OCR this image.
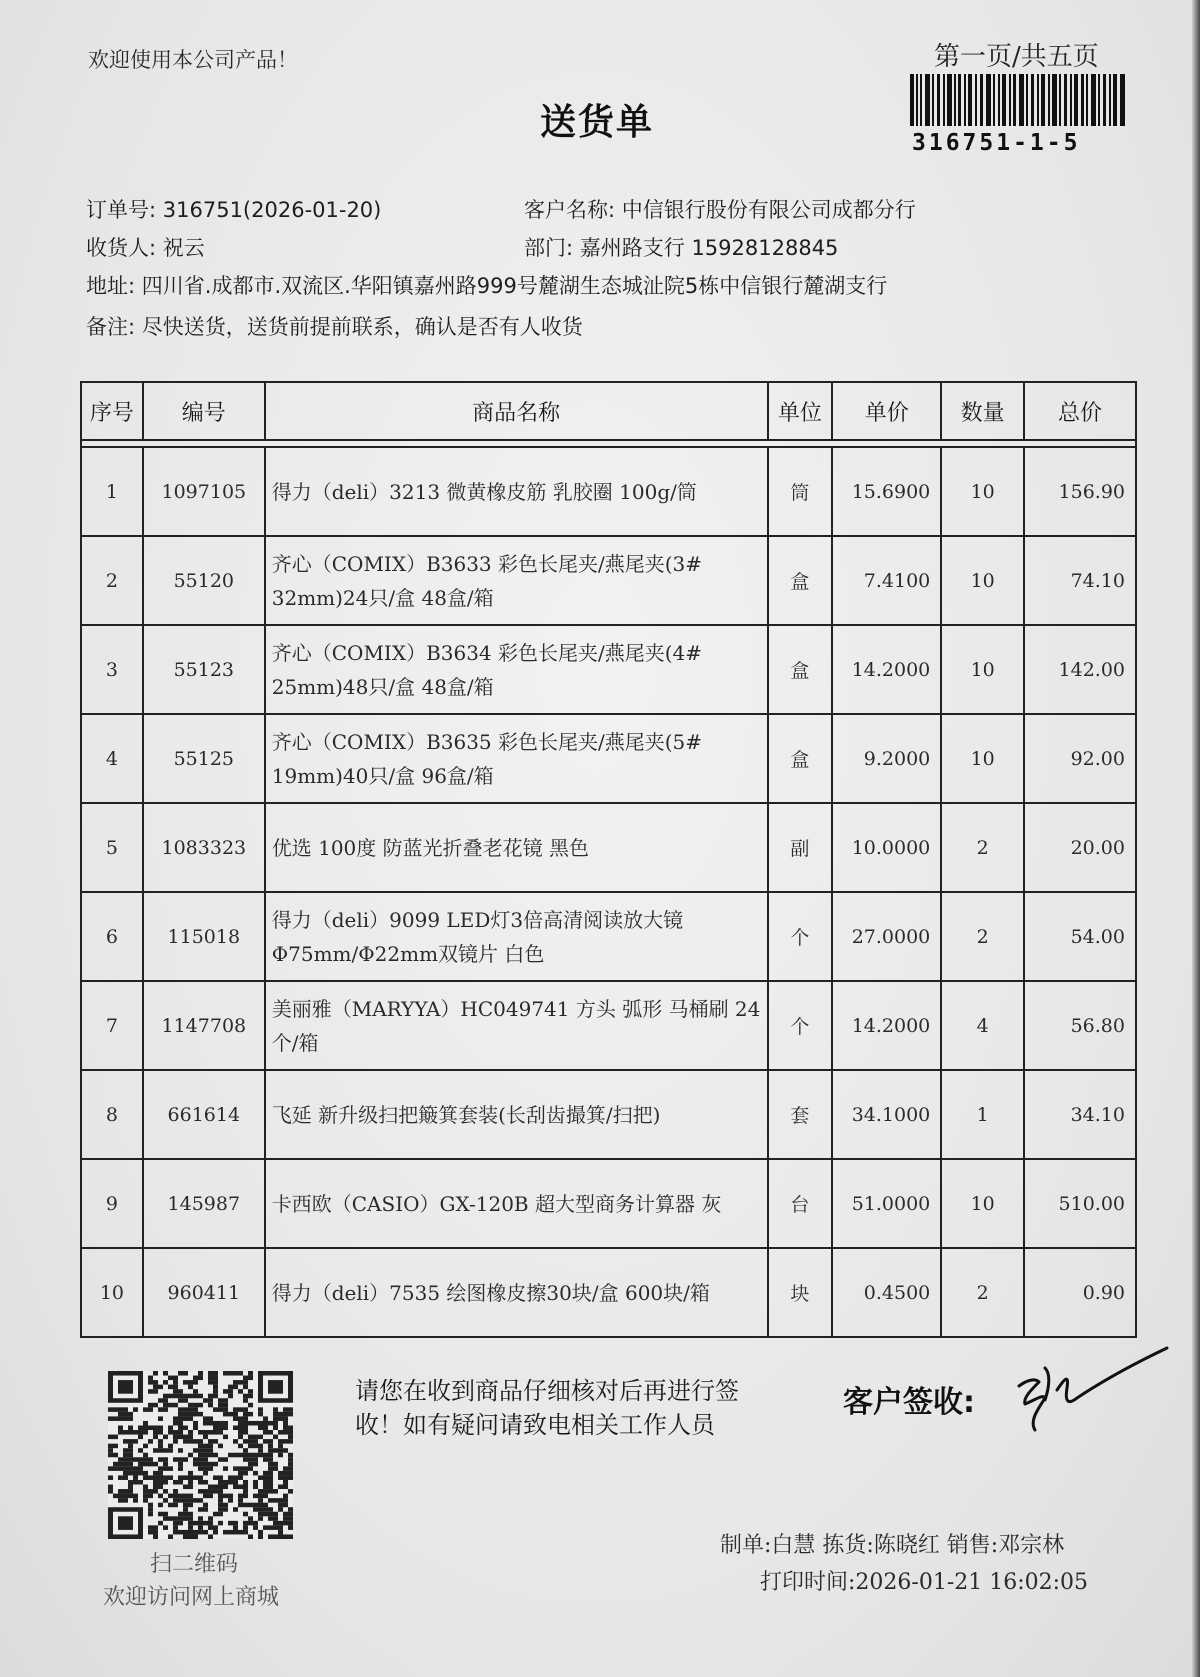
欢迎使用本公司产品！	第一页/共五页
316751-1-5
送货单
订单号: 316751(2026-01-20)	客户名称: 中信银行股份有限公司成都分行
收货人: 祝云	部门: 嘉州路支行 15928128845
地址: 四川省.成都市.双流区.华阳镇嘉州路999号麓湖生态城沚院5栋中信银行麓湖支行
备注: 尽快送货，送货前提前联系，确认是否有人收货
序号	编号	商品名称	单位	单价	数量	总价

1	1097105	得力（deli）3213 微黄橡皮筋 乳胶圈 100g/筒	筒	15.6900	10	156.90
2	55120	齐心（COMIX）B3633 彩色长尾夹/燕尾夹(3# 32mm)24只/盒 48盒/箱	盒	7.4100	10	74.10
3	55123	齐心（COMIX）B3634 彩色长尾夹/燕尾夹(4# 25mm)48只/盒 48盒/箱	盒	14.2000	10	142.00
4	55125	齐心（COMIX）B3635 彩色长尾夹/燕尾夹(5# 19mm)40只/盒 96盒/箱	盒	9.2000	10	92.00
5	1083323	优选 100度 防蓝光折叠老花镜 黑色	副	10.0000	2	20.00
6	115018	得力（deli）9099 LED灯3倍高清阅读放大镜 Φ75mm/Φ22mm双镜片 白色	个	27.0000	2	54.00
7	1147708	美丽雅（MARYYA）HC049741 方头 弧形 马桶刷 24个/箱	个	14.2000	4	56.80
8	661614	飞延 新升级扫把簸箕套装(长刮齿撮箕/扫把)	套	34.1000	1	34.10
9	145987	卡西欧（CASIO）GX-120B 超大型商务计算器 灰	台	51.0000	10	510.00
10	960411	得力（deli）7535 绘图橡皮擦30块/盒 600块/箱	块	0.4500	2	0.90
扫二维码
欢迎访问网上商城
请您在收到商品仔细核对后再进行签
收！如有疑问请致电相关工作人员
客户签收:
制单:白慧 拣货:陈晓红 销售:邓宗林
打印时间:2026-01-21 16:02:05
